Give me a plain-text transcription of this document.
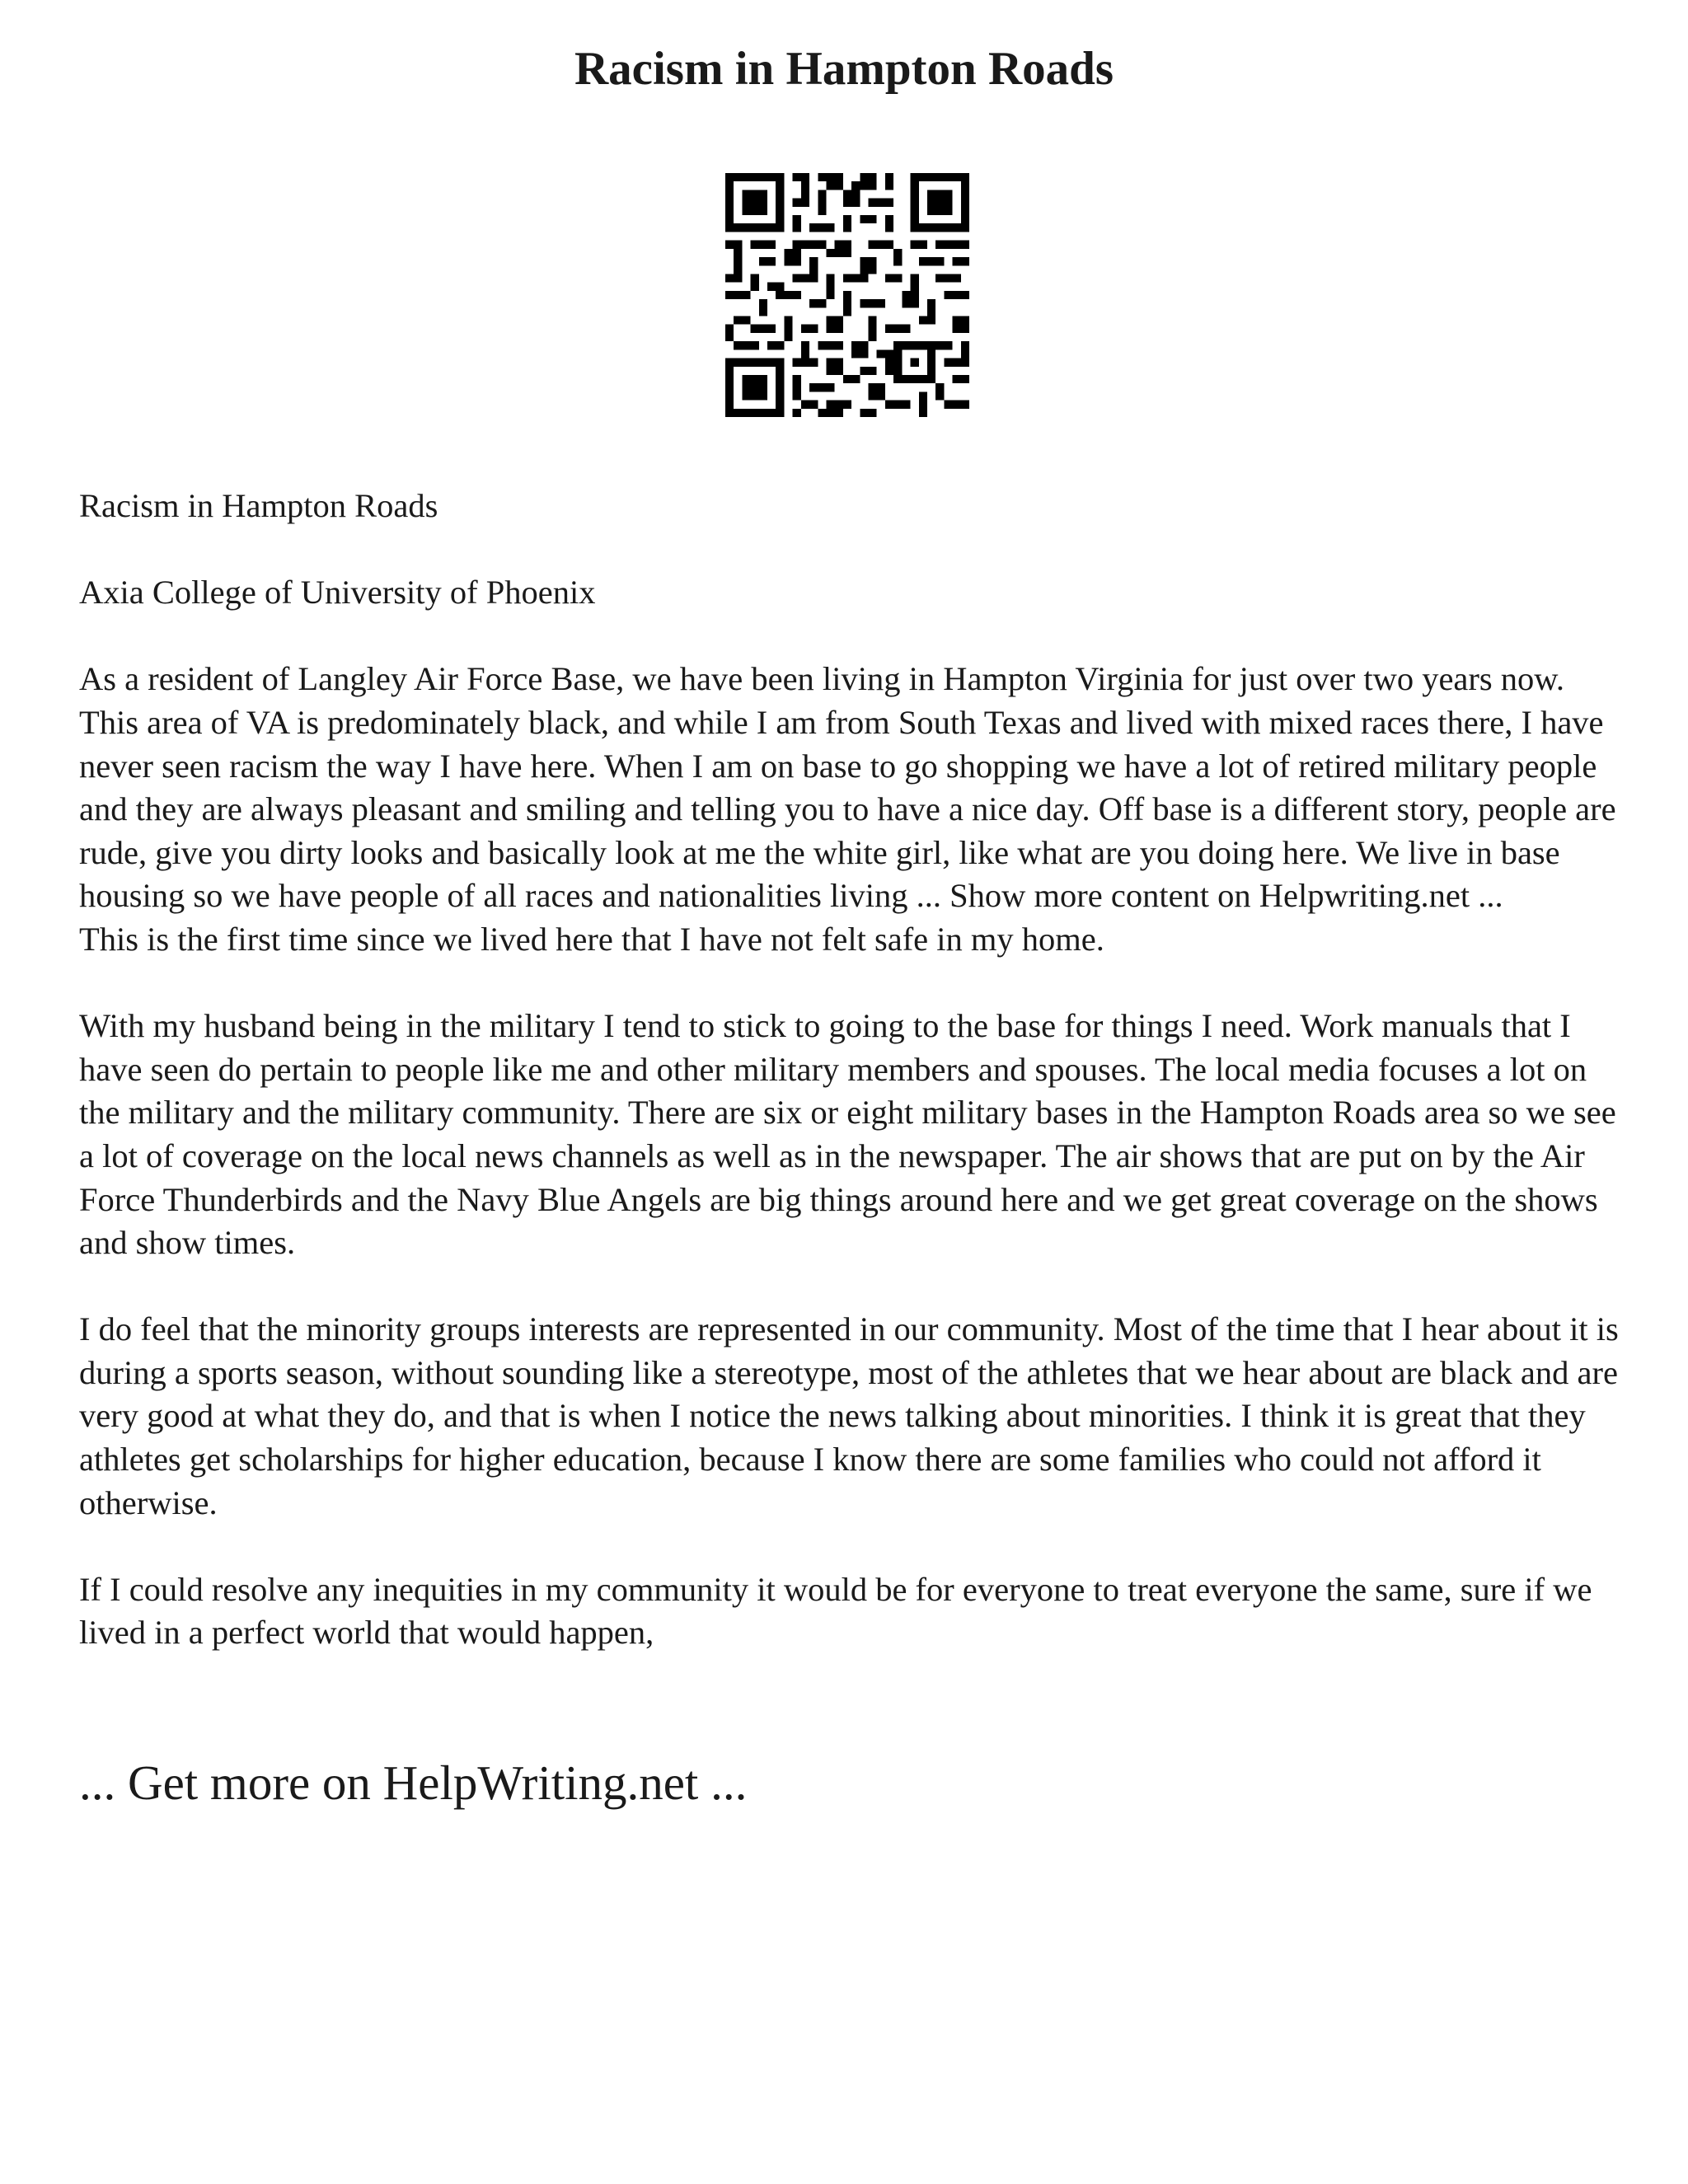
Racism in Hampton Roads

Racism in Hampton Roads

Axia College of University of Phoenix

As a resident of Langley Air Force Base, we have been living in Hampton Virginia for just over two years now. This area of VA is predominately black, and while I am from South Texas and lived with mixed races there, I have never seen racism the way I have here. When I am on base to go shopping we have a lot of retired military people and they are always pleasant and smiling and telling you to have a nice day. Off base is a different story, people are rude, give you dirty looks and basically look at me the white girl, like what are you doing here. We live in base housing so we have people of all races and nationalities living ... Show more content on Helpwriting.net ...

This is the first time since we lived here that I have not felt safe in my home.

With my husband being in the military I tend to stick to going to the base for things I need. Work manuals that I have seen do pertain to people like me and other military members and spouses. The local media focuses a lot on the military and the military community. There are six or eight military bases in the Hampton Roads area so we see a lot of coverage on the local news channels as well as in the newspaper. The air shows that are put on by the Air Force Thunderbirds and the Navy Blue Angels are big things around here and we get great coverage on the shows and show times.

I do feel that the minority groups interests are represented in our community. Most of the time that I hear about it is during a sports season, without sounding like a stereotype, most of the athletes that we hear about are black and are very good at what they do, and that is when I notice the news talking about minorities. I think it is great that they athletes get scholarships for higher education, because I know there are some families who could not afford it otherwise.

If I could resolve any inequities in my community it would be for everyone to treat everyone the same, sure if we lived in a perfect world that would happen,

... Get more on HelpWriting.net ...
